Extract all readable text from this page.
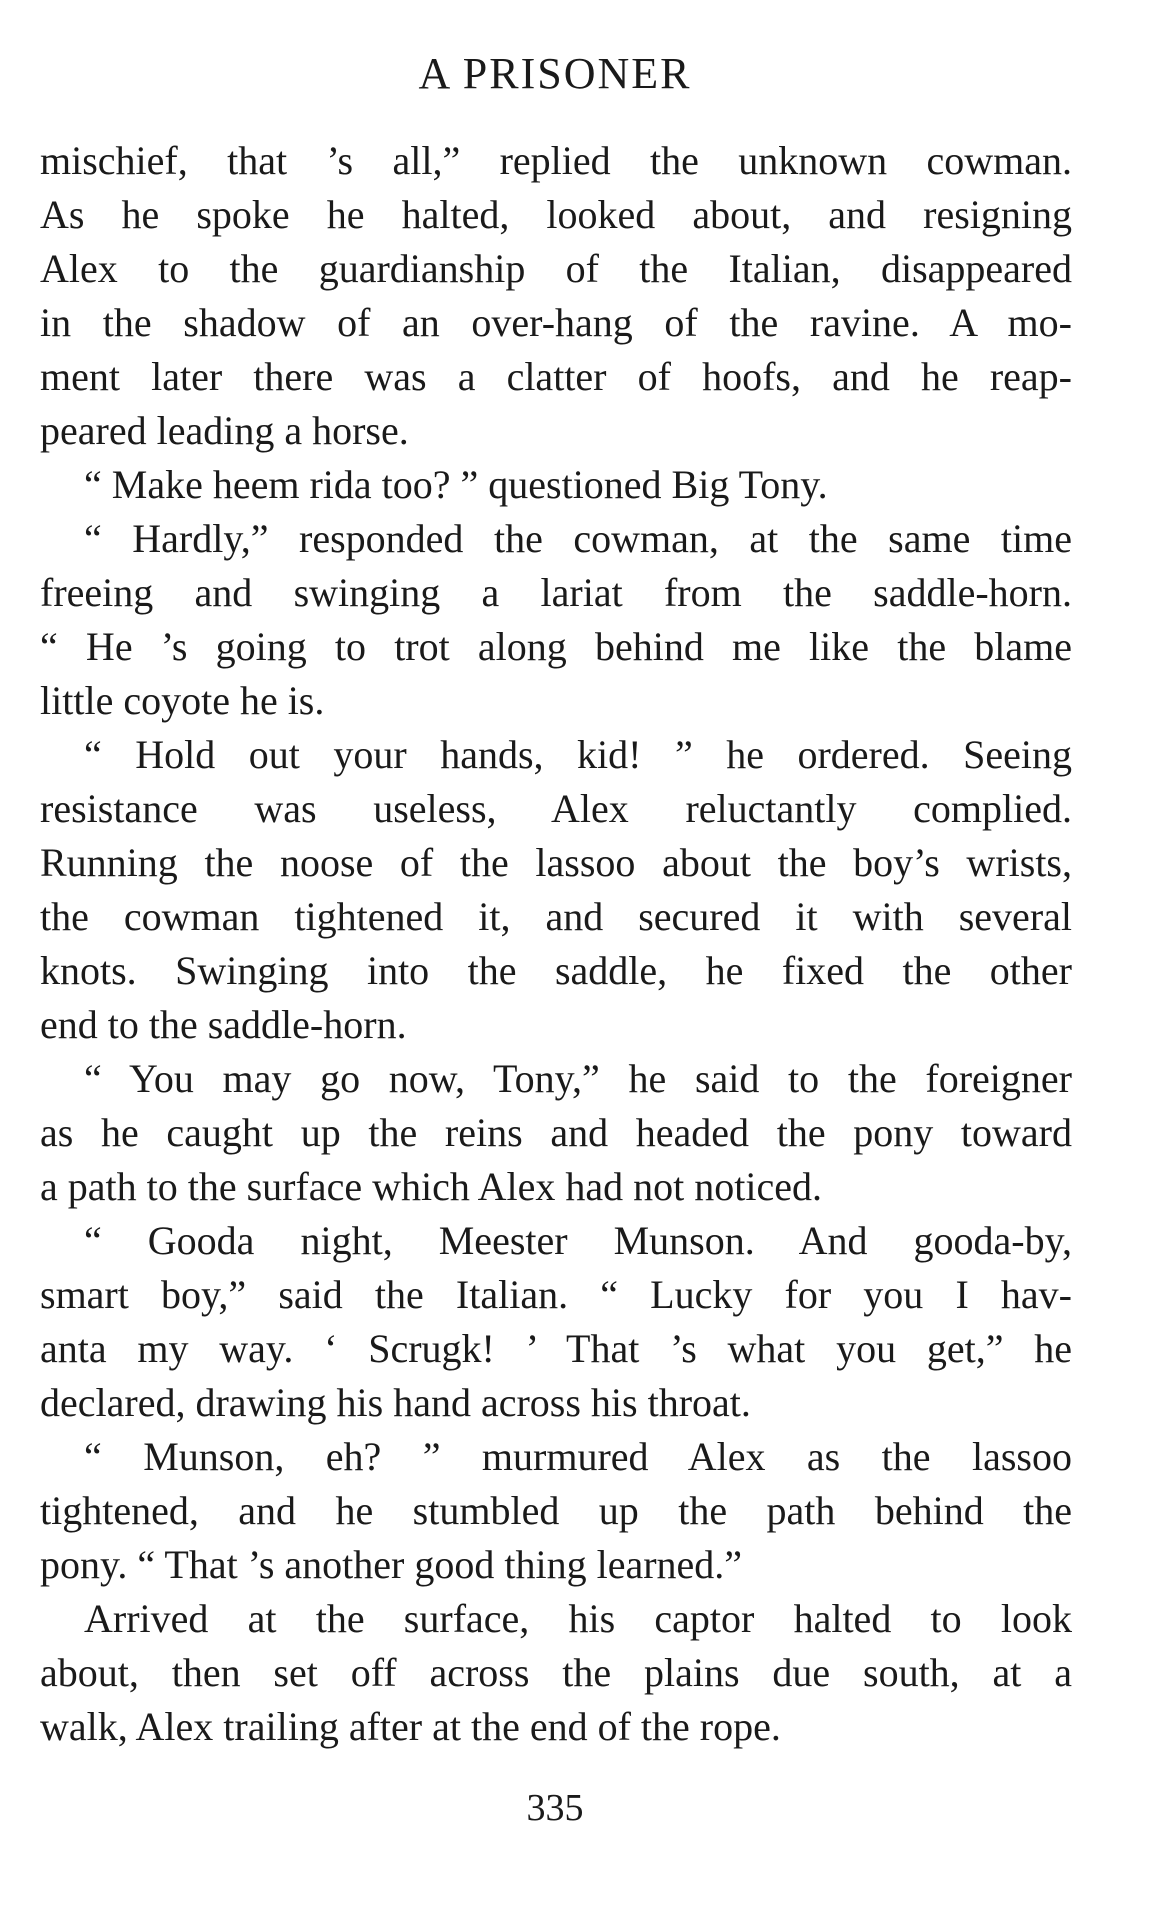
A PRISONER

mischief, that ’s all,” replied the unknown cowman.
As he spoke he halted, looked about, and resigning
Alex to the guardianship of the Italian, disappeared
in the shadow of an over-hang of the ravine. A mo-
ment later there was a clatter of hoofs, and he reap-
peared leading a horse.

“ Make heem rida too? ” questioned Big Tony.

“ Hardly,” responded the cowman, at the same time
freeing and swinging a lariat from the saddle-horn.
“ He ’s going to trot along behind me like the blame
little coyote he is.

“ Hold out your hands, kid! ” he ordered. Seeing
resistance was useless, Alex reluctantly complied.
Running the noose of the lassoo about the boy’s wrists,
the cowman tightened it, and secured it with several
knots. Swinging into the saddle, he fixed the other
end to the saddle-horn.

“ You may go now, Tony,” he said to the foreigner
as he caught up the reins and headed the pony toward
a path to the surface which Alex had not noticed.

“ Gooda night, Meester Munson. And gooda-by,
smart boy,” said the Italian. “ Lucky for you I hav-
anta my way. ‘ Scrugk! ’ That ’s what you get,” he
declared, drawing his hand across his throat.

“ Munson, eh? ” murmured Alex as the lassoo
tightened, and he stumbled up the path behind the
pony. “ That ’s another good thing learned.”

Arrived at the surface, his captor halted to look
about, then set off across the plains due south, at a
walk, Alex trailing after at the end of the rope.

335
